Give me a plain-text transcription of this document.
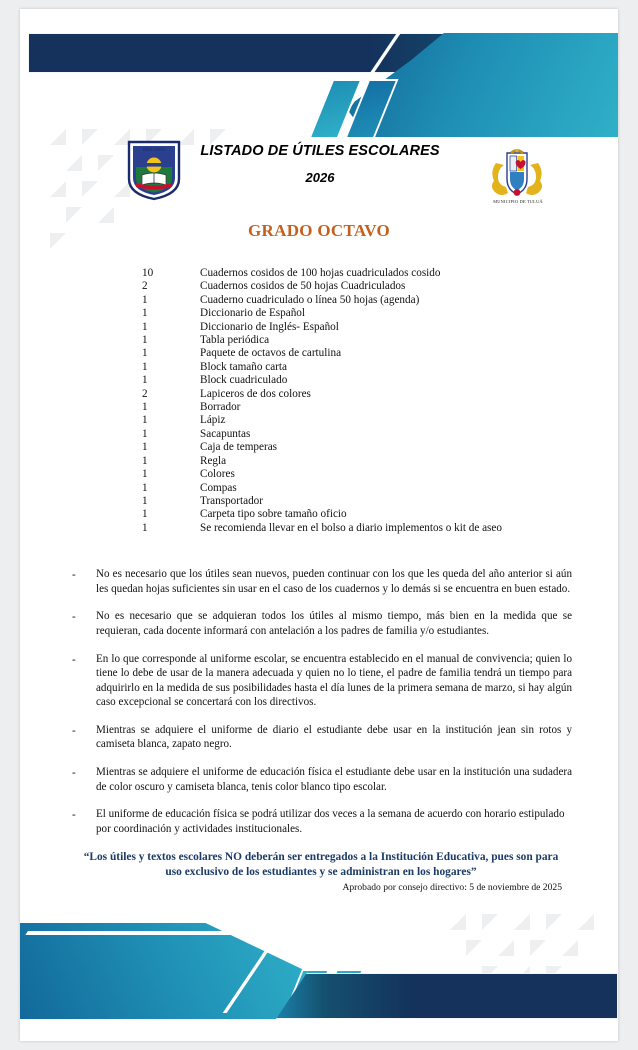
EDUCATIVA	LISTADO DE ÚTILES ESCOLARES
2026
MUNICIPIO DE TULUÁ
GRADO OCTAVO
10	Cuadernos cosidos de 100 hojas cuadriculados cosido
2	Cuadernos cosidos de 50 hojas Cuadriculados
1	Cuaderno cuadriculado o línea 50 hojas (agenda)
1	Diccionario de Español
1	Diccionario de Inglés- Español
1	Tabla periódica
1	Paquete de octavos de cartulina
1	Block tamaño carta
1	Block cuadriculado
2	Lapiceros de dos colores
1	Borrador
1	Lápiz
1	Sacapuntas
1	Caja de temperas
1	Regla
1	Colores
1	Compas
1	Transportador
1	Carpeta tipo sobre tamaño oficio
1	Se recomienda llevar en el bolso a diario implementos o kit de aseo
-	No es necesario que los útiles sean nuevos, pueden continuar con los que les queda del año anterior si aún les quedan hojas suficientes sin usar en el caso de los cuadernos y lo demás si se encuentra en buen estado.
-	No es necesario que se adquieran todos los útiles al mismo tiempo, más bien en la medida que se requieran, cada docente informará con antelación a los padres de familia y/o estudiantes.
-	En lo que corresponde al uniforme escolar, se encuentra establecido en el manual de convivencia; quien lo tiene lo debe de usar de la manera adecuada y quien no lo tiene, el padre de familia tendrá un tiempo para adquirirlo en la medida de sus posibilidades hasta el día lunes de la primera semana de marzo, si hay algún caso excepcional se concertará con los directivos.
-	Mientras se adquiere el uniforme de diario el estudiante debe usar en la institución jean sin rotos y camiseta blanca, zapato negro.
-	Mientras se adquiere el uniforme de educación física el estudiante debe usar en la institución una sudadera de color oscuro y camiseta blanca, tenis color blanco tipo escolar.
-	El uniforme de educación física se podrá utilizar dos veces a la semana de acuerdo con horario estipulado
por coordinación y actividades institucionales.
“Los útiles y textos escolares NO deberán ser entregados a la Institución Educativa, pues son para uso exclusivo de los estudiantes y se administran en los hogares”
Aprobado por consejo directivo: 5 de noviembre de 2025
